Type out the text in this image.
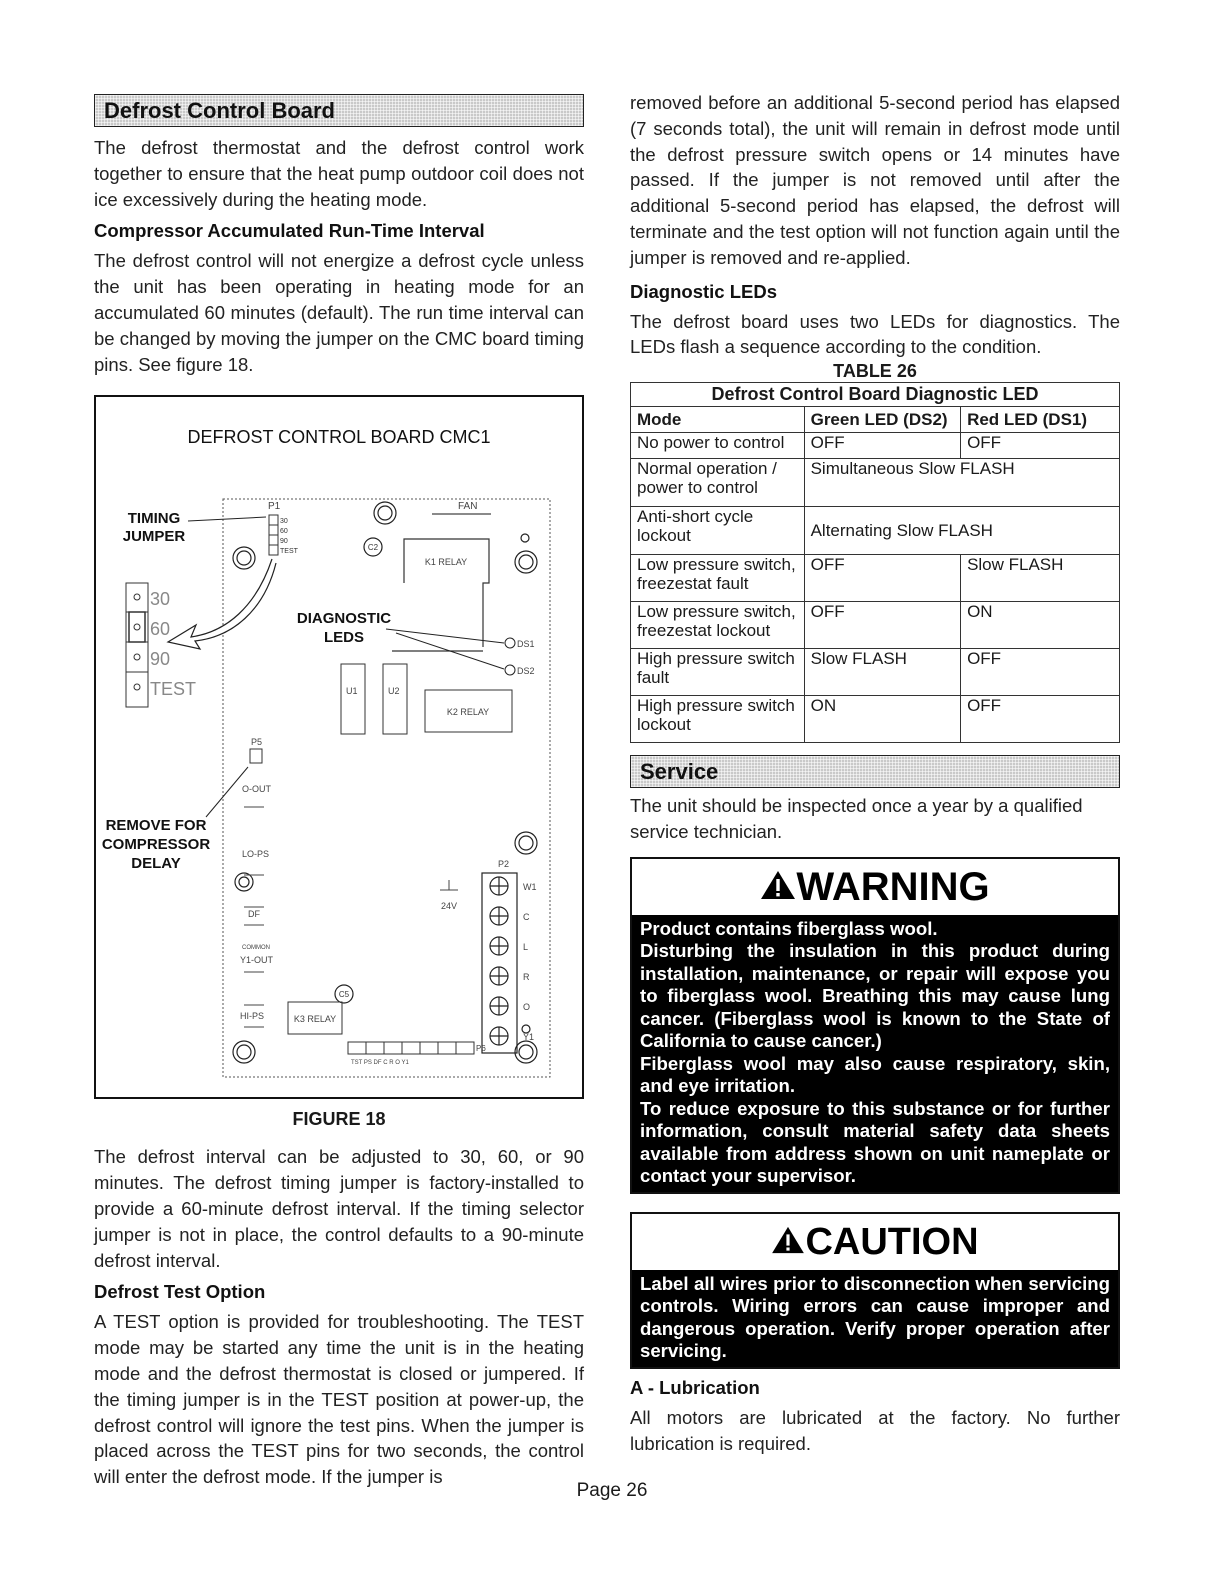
Defrost Control Board

The defrost thermostat and the defrost control work together to ensure that the heat pump outdoor coil does not ice excessively during the heating mode.

Compressor Accumulated Run-Time Interval

The defrost control will not energize a defrost cycle unless the unit has been operating in heating mode for an accumulated 60 minutes (default). The run time interval can be changed by moving the jumper on the CMC board timing pins. See figure 18.

DEFROST CONTROL BOARD CMC1
30
60
90
TEST
P1
C2
C5
FAN
K1 RELAY
DS1
DS2
U1	U2
K2 RELAY
P5
O-OUT
LO-PS
DF
COMMON
Y1-OUT
HI-PS	K3 RELAY
24V
P2
W1
C
L
R
O
Y1
P6
TST PS DF C R O Y1
30
60
90
TEST
TIMING
JUMPER
DIAGNOSTIC
LEDS
REMOVE FOR
COMPRESSOR
DELAY
FIGURE 18

The defrost interval can be adjusted to 30, 60, or 90 minutes. The defrost timing jumper is factory-installed to provide a 60-minute defrost interval. If the timing selector jumper is not in place, the control defaults to a 90-minute defrost interval.

Defrost Test Option

A TEST option is provided for troubleshooting. The TEST mode may be started any time the unit is in the heating mode and the defrost thermostat is closed or jumpered. If the timing jumper is in the TEST position at power-up, the defrost control will ignore the test pins. When the jumper is placed across the TEST pins for two seconds, the control will enter the defrost mode. If the jumper is

removed before an additional 5-second period has elapsed (7 seconds total), the unit will remain in defrost mode until the defrost pressure switch opens or 14 minutes have passed. If the jumper is not removed until after the additional 5-second period has elapsed, the defrost will terminate and the test option will not function again until the jumper is removed and re-applied.

Diagnostic LEDs

The defrost board uses two LEDs for diagnostics. The LEDs flash a sequence according to the condition.

TABLE 26
Defrost Control Board Diagnostic LED		
Mode	Green LED (DS2)	Red LED (DS1)
No power to control	OFF	OFF
Normal operation / power to control	Simultaneous Slow FLASH	
Anti-short cycle lockout	Alternating Slow FLASH	
Low pressure switch, freezestat fault	OFF	Slow FLASH
Low pressure switch, freezestat lockout	OFF	ON
High pressure switch fault	Slow FLASH	OFF
High pressure switch lockout	ON	OFF
Service

The unit should be inspected once a year by a qualified service technician.

WARNING

Product contains fiberglass wool.

Disturbing the insulation in this product during installation, maintenance, or repair will expose you to fiberglass wool. Breathing this may cause lung cancer. (Fiberglass wool is known to the State of California to cause cancer.)

Fiberglass wool may also cause respiratory, skin, and eye irritation.

To reduce exposure to this substance or for further information, consult material safety data sheets available from address shown on unit nameplate or contact your supervisor.

CAUTION

Label all wires prior to disconnection when servicing controls. Wiring errors can cause improper and dangerous operation. Verify proper operation after servicing.

A - Lubrication

All motors are lubricated at the factory. No further lubrication is required.

Page 26
